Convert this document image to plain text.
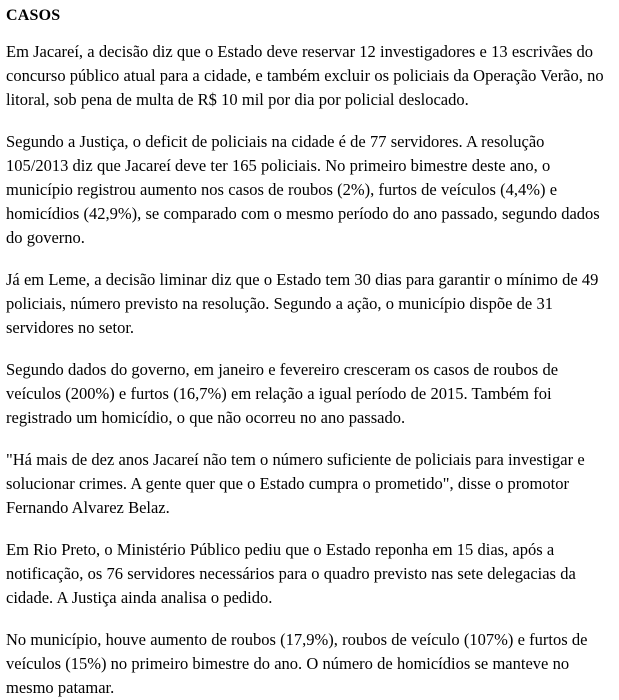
CASOS

Em Jacareí, a decisão diz que o Estado deve reservar 12 investigadores e 13 escrivães do concurso público atual para a cidade, e também excluir os policiais da Operação Verão, no litoral, sob pena de multa de R$ 10 mil por dia por policial deslocado.

Segundo a Justiça, o deficit de policiais na cidade é de 77 servidores. A resolução 105/2013 diz que Jacareí deve ter 165 policiais. No primeiro bimestre deste ano, o município registrou aumento nos casos de roubos (2%), furtos de veículos (4,4%) e homicídios (42,9%), se comparado com o mesmo período do ano passado, segundo dados do governo.

Já em Leme, a decisão liminar diz que o Estado tem 30 dias para garantir o mínimo de 49 policiais, número previsto na resolução. Segundo a ação, o município dispõe de 31 servidores no setor.

Segundo dados do governo, em janeiro e fevereiro cresceram os casos de roubos de veículos (200%) e furtos (16,7%) em relação a igual período de 2015. Também foi registrado um homicídio, o que não ocorreu no ano passado.

"Há mais de dez anos Jacareí não tem o número suficiente de policiais para investigar e solucionar crimes. A gente quer que o Estado cumpra o prometido", disse o promotor Fernando Alvarez Belaz.

Em Rio Preto, o Ministério Público pediu que o Estado reponha em 15 dias, após a notificação, os 76 servidores necessários para o quadro previsto nas sete delegacias da cidade. A Justiça ainda analisa o pedido.

No município, houve aumento de roubos (17,9%), roubos de veículo (107%) e furtos de veículos (15%) no primeiro bimestre do ano. O número de homicídios se manteve no mesmo patamar.
